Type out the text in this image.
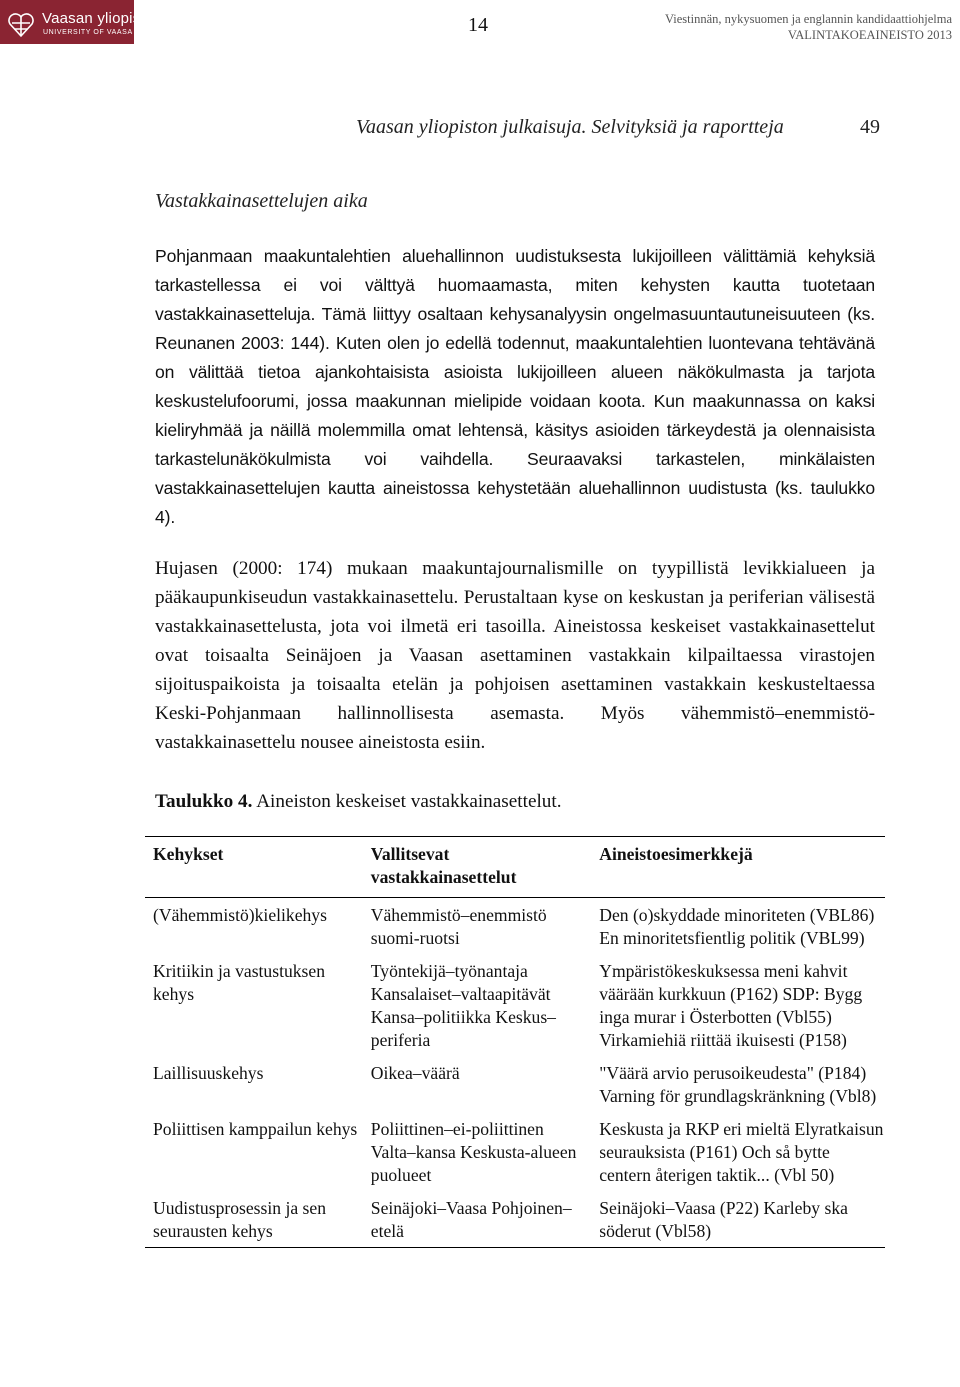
Vaasan yliopisto
UNIVERSITY OF VAASA	14	Viestinnän, nykysuomen ja englannin kandidaattiohjelma
VALINTAKOEAINEISTO 2013
Vaasan yliopiston julkaisuja. Selvityksiä ja raportteja	49
Vastakkainasettelujen aika

Pohjanmaan maakuntalehtien aluehallinnon uudistuksesta lukijoilleen välittämiä kehyksiä tarkastellessa ei voi välttyä huomaamasta, miten kehysten kautta tuotetaan vastakkainasetteluja. Tämä liittyy osaltaan kehysanalyysin ongelmasuuntautuneisuuteen (ks. Reunanen 2003: 144). Kuten olen jo edellä todennut, maakuntalehtien luontevana tehtävänä on välittää tietoa ajankohtaisista asioista lukijoilleen alueen näkökulmasta ja tarjota keskustelufoorumi, jossa maakunnan mielipide voidaan koota. Kun maakunnassa on kaksi kieliryhmää ja näillä molemmilla omat lehtensä, käsitys asioiden tärkeydestä ja olennaisista tarkastelunäkökulmista voi vaihdella. Seuraavaksi tarkastelen, minkälaisten vastakkainasettelujen kautta aineistossa kehystetään aluehallinnon uudistusta (ks. taulukko 4).

Hujasen (2000: 174) mukaan maakuntajournalismille on tyypillistä levikkialueen ja pääkaupunkiseudun vastakkainasettelu. Perustaltaan kyse on keskustan ja periferian välisestä vastakkainasettelusta, jota voi ilmetä eri tasoilla. Aineistossa keskeiset vastakkainasettelut ovat toisaalta Seinäjoen ja Vaasan asettaminen vastakkain kilpailtaessa virastojen sijoituspaikoista ja toisaalta etelän ja pohjoisen asettaminen vastakkain keskusteltaessa Keski-Pohjanmaan hallinnollisesta asemasta. Myös vähemmistö–enemmistö-vastakkainasettelu nousee aineistosta esiin.

Taulukko 4. Aineiston keskeiset vastakkainasettelut.
Kehykset	Vallitsevat vastakkainasettelut	Aineistoesimerkkejä
(Vähemmistö)kielikehys	Vähemmistö–enemmistö suomi-ruotsi	Den (o)skyddade minoriteten (VBL86) En minoritetsfientlig politik (VBL99)
Kritiikin ja vastustuksen kehys	Työntekijä–työnantaja Kansalaiset–valtaapitävät Kansa–politiikka Keskus–periferia	Ympäristökeskuksessa meni kahvit väärään kurkkuun (P162) SDP: Bygg inga murar i Österbotten (Vbl55) Virkamiehiä riittää ikuisesti (P158)
Laillisuuskehys	Oikea–väärä	"Väärä arvio perusoikeudesta" (P184) Varning för grundlagskränkning (Vbl8)
Poliittisen kamppailun kehys	Poliittinen–ei-poliittinen Valta–kansa Keskusta-alueen puolueet	Keskusta ja RKP eri mieltä Elyratkaisun seurauksista (P161) Och så bytte centern återigen taktik... (Vbl 50)
Uudistusprosessin ja sen seurausten kehys	Seinäjoki–Vaasa Pohjoinen–etelä	Seinäjoki–Vaasa (P22) Karleby ska söderut (Vbl58)
